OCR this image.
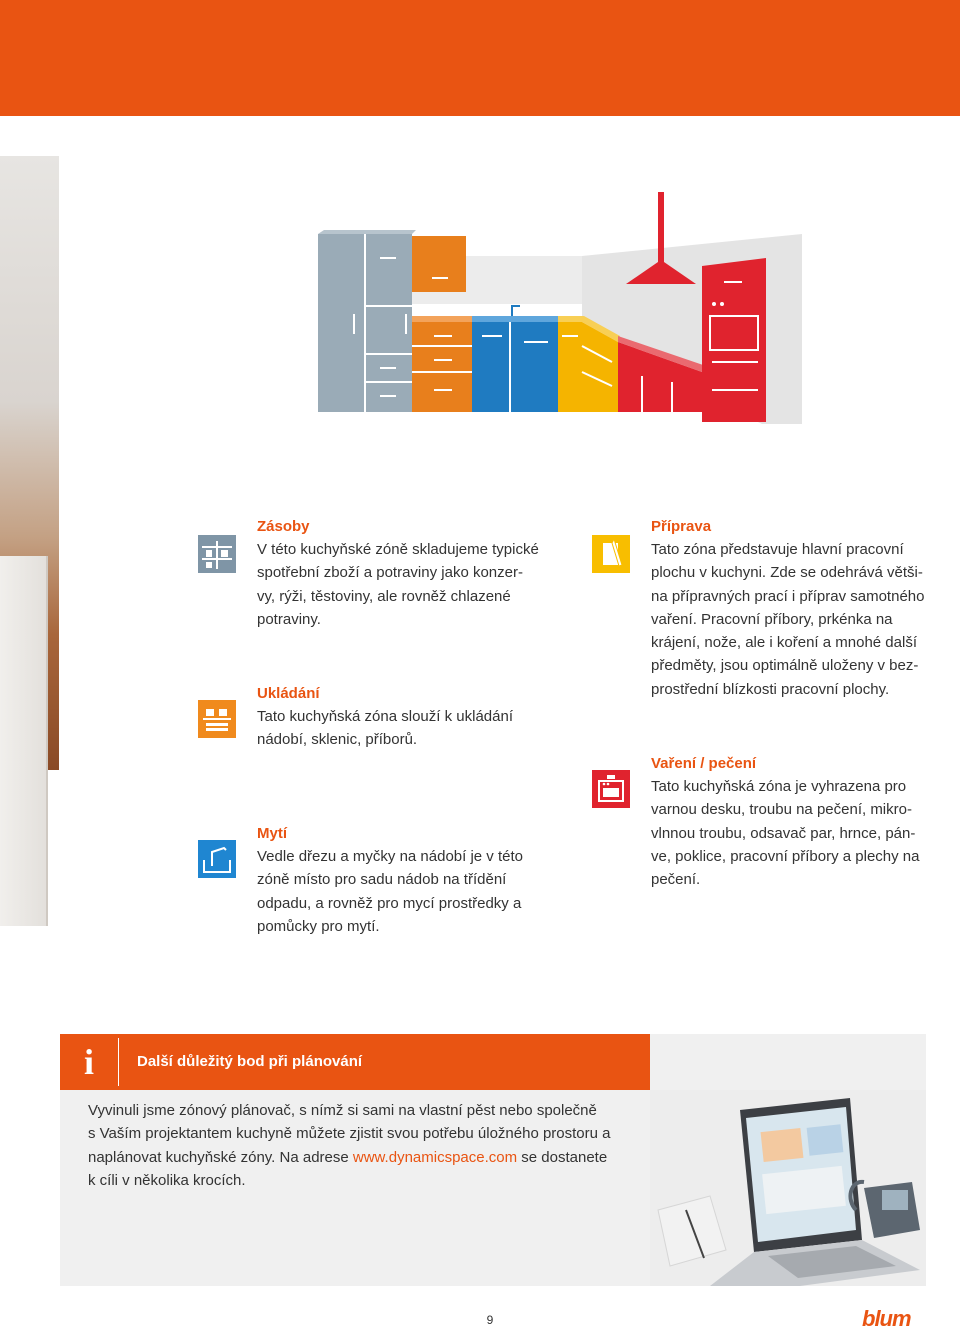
Zásoby

V této kuchyňské zóně skladujeme typické
spotřební zboží a potraviny jako konzer-
vy, rýži, těstoviny, ale rovněž chlazené
potraviny.

Ukládání

Tato kuchyňská zóna slouží k ukládání
nádobí, sklenic, příborů.

Mytí

Vedle dřezu a myčky na nádobí je v této
zóně místo pro sadu nádob na třídění
odpadu, a rovněž pro mycí prostředky a
pomůcky pro mytí.

Příprava

Tato zóna představuje hlavní pracovní
plochu v kuchyni. Zde se odehrává větši-
na přípravných prací i příprav samotného
vaření. Pracovní příbory, prkénka na
krájení, nože, ale i koření a mnohé další
předměty, jsou optimálně uloženy v bez-
prostřední blízkosti pracovní plochy.

Vaření / pečení

Tato kuchyňská zóna je vyhrazena pro
varnou desku, troubu na pečení, mikro-
vlnnou troubu, odsavač par, hrnce, pán-
ve, poklice, pracovní příbory a plechy na
pečení.

i	Další důležitý bod při plánování
Vyvinuli jsme zónový plánovač, s nímž si sami na vlastní pěst nebo společně
s Vaším projektantem kuchyně můžete zjistit svou potřebu úložného prostoru a
naplánovat kuchyňské zóny. Na adrese www.dynamicspace.com se dostanete
k cíli v několika krocích.
9	blum
